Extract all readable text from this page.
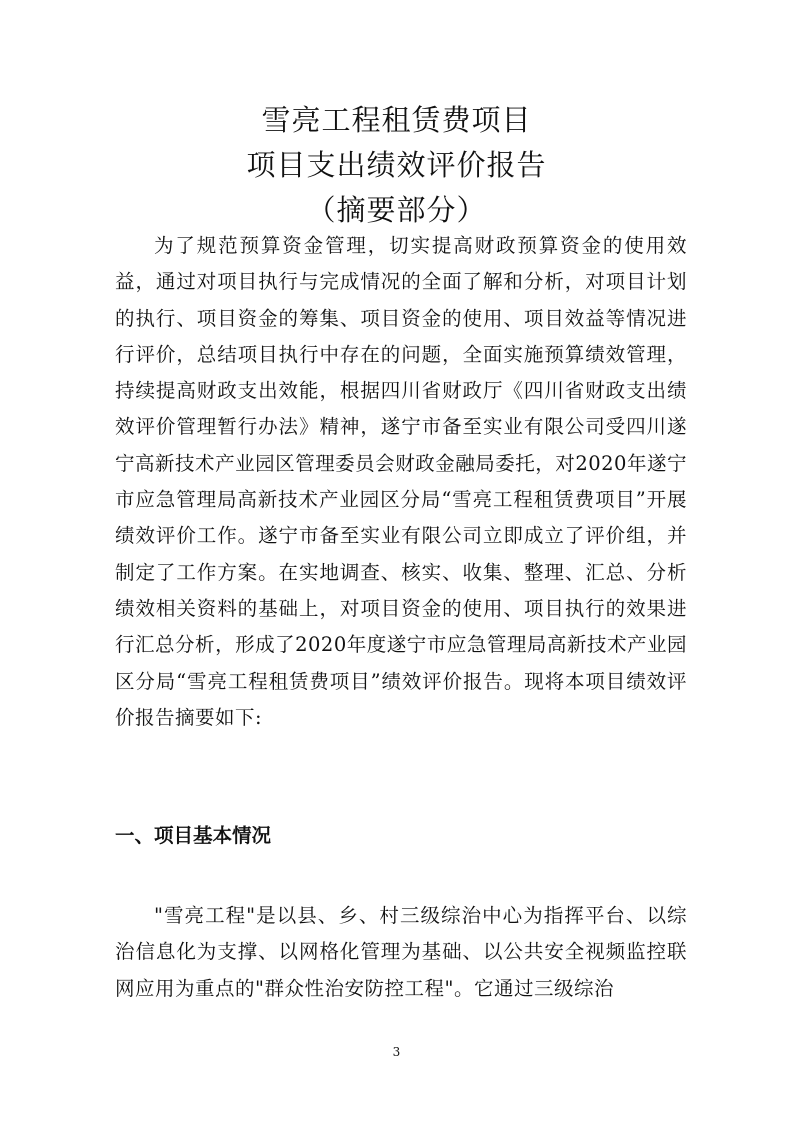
雪亮工程租赁费项目
项目支出绩效评价报告
（摘要部分）

为了规范预算资金管理，切实提高财政预算资金的使用效益，通过对项目执行与完成情况的全面了解和分析，对项目计划的执行、项目资金的筹集、项目资金的使用、项目效益等情况进行评价，总结项目执行中存在的问题，全面实施预算绩效管理，持续提高财政支出效能，根据四川省财政厅《四川省财政支出绩效评价管理暂行办法》精神，遂宁市备至实业有限公司受四川遂宁高新技术产业园区管理委员会财政金融局委托，对2020年遂宁市应急管理局高新技术产业园区分局“雪亮工程租赁费项目”开展绩效评价工作。遂宁市备至实业有限公司立即成立了评价组，并制定了工作方案。在实地调查、核实、收集、整理、汇总、分析绩效相关资料的基础上，对项目资金的使用、项目执行的效果进行汇总分析，形成了2020年度遂宁市应急管理局高新技术产业园区分局“雪亮工程租赁费项目”绩效评价报告。现将本项目绩效评价报告摘要如下:

一、项目基本情况

"雪亮工程"是以县、乡、村三级综治中心为指挥平台、以综治信息化为支撑、以网格化管理为基础、以公共安全视频监控联网应用为重点的"群众性治安防控工程"。它通过三级综治

3
